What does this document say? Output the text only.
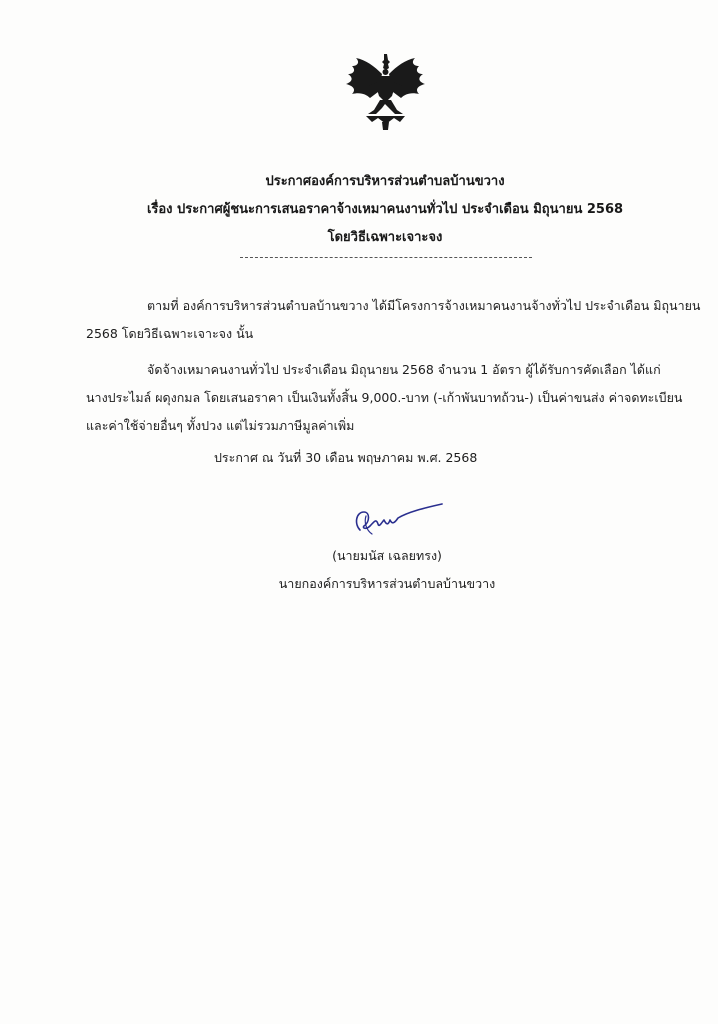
ประกาศองค์การบริหารส่วนตำบลบ้านขวาง
เรื่อง ประกาศผู้ชนะการเสนอราคาจ้างเหมาคนงานทั่วไป ประจำเดือน มิถุนายน 2568
โดยวิธีเฉพาะเจาะจง
ตามที่ องค์การบริหารส่วนตำบลบ้านขวาง ได้มีโครงการจ้างเหมาคนงานจ้างทั่วไป ประจำเดือน มิถุนายน
2568 โดยวิธีเฉพาะเจาะจง นั้น
จัดจ้างเหมาคนงานทั่วไป ประจำเดือน มิถุนายน 2568 จำนวน 1 อัตรา ผู้ได้รับการคัดเลือก ได้แก่
นางประไมล์ ผดุงกมล โดยเสนอราคา เป็นเงินทั้งสิ้น 9,000.-บาท (-เก้าพันบาทถ้วน-) เป็นค่าขนส่ง ค่าจดทะเบียน
และค่าใช้จ่ายอื่นๆ ทั้งปวง แต่ไม่รวมภาษีมูลค่าเพิ่ม
ประกาศ ณ วันที่ 30 เดือน พฤษภาคม พ.ศ. 2568
(นายมนัส เฉลยทรง)
นายกองค์การบริหารส่วนตำบลบ้านขวาง
